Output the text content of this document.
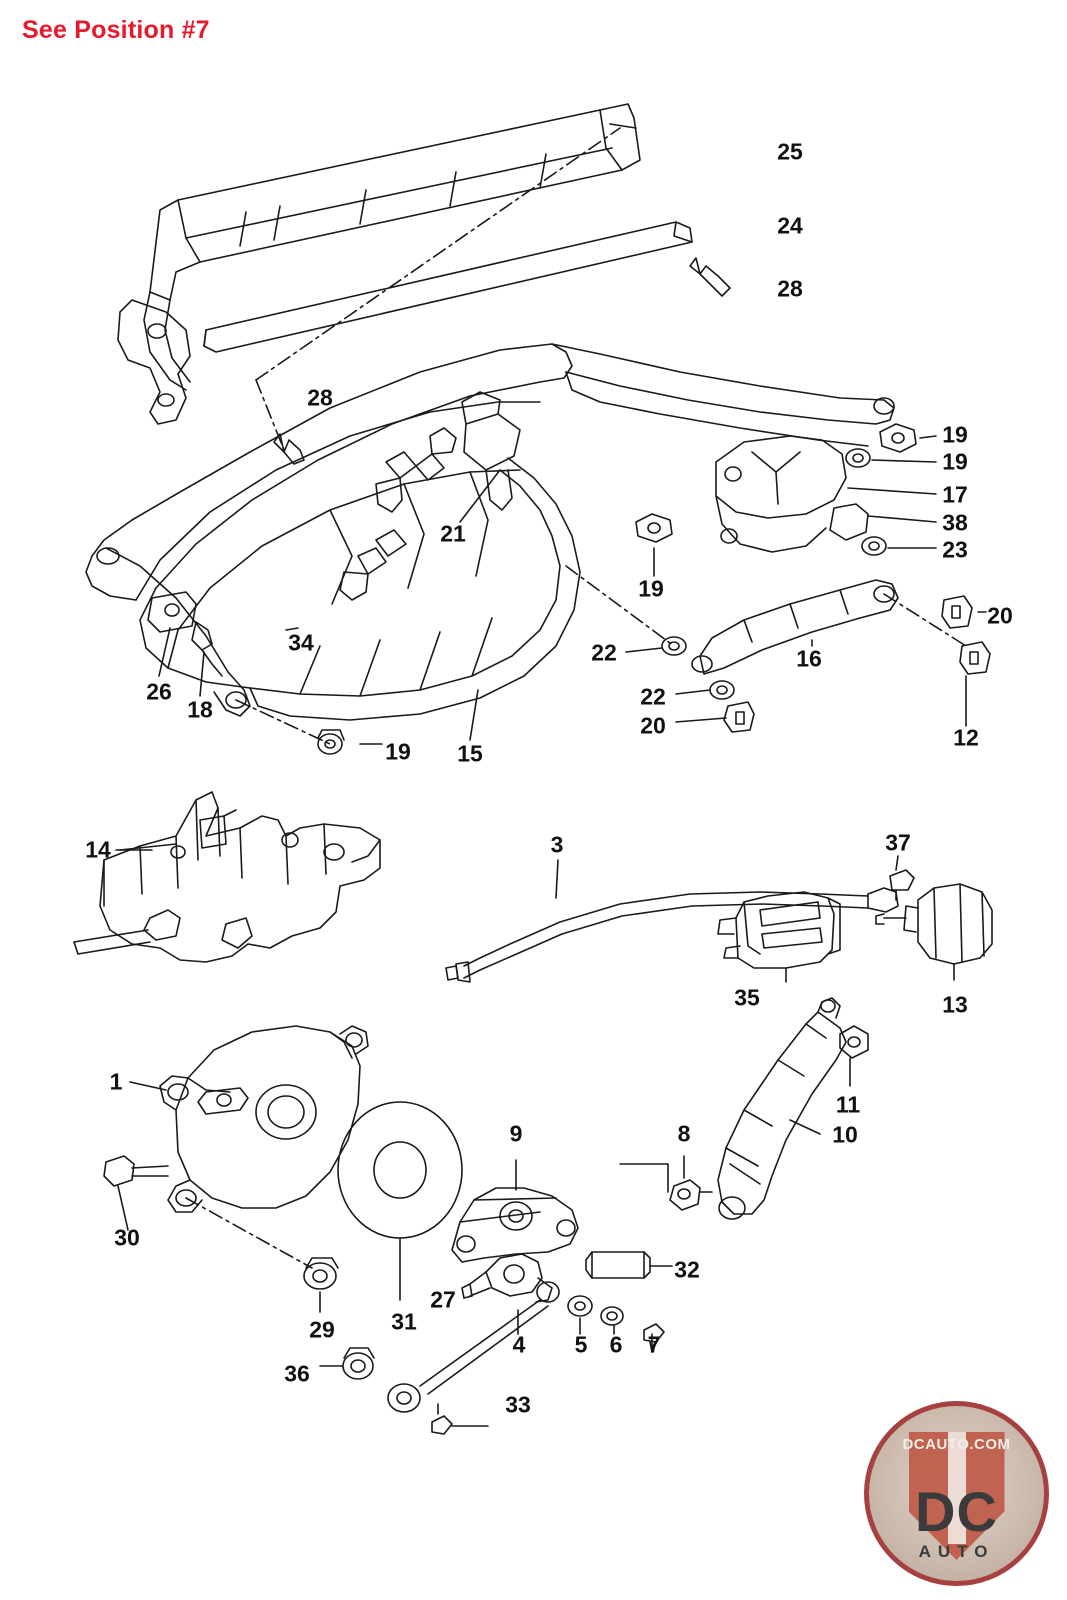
See Position #7
25
24
28
28
21
34
26
18
19 15
19
22
22
20
16
12
20
19
19
17
38
23
14	3	37
35	13
11
10
1
30
29 31
27
9	8
32
4 5 6 7
36
33
DCAUTO.COM
DC
AUTO
